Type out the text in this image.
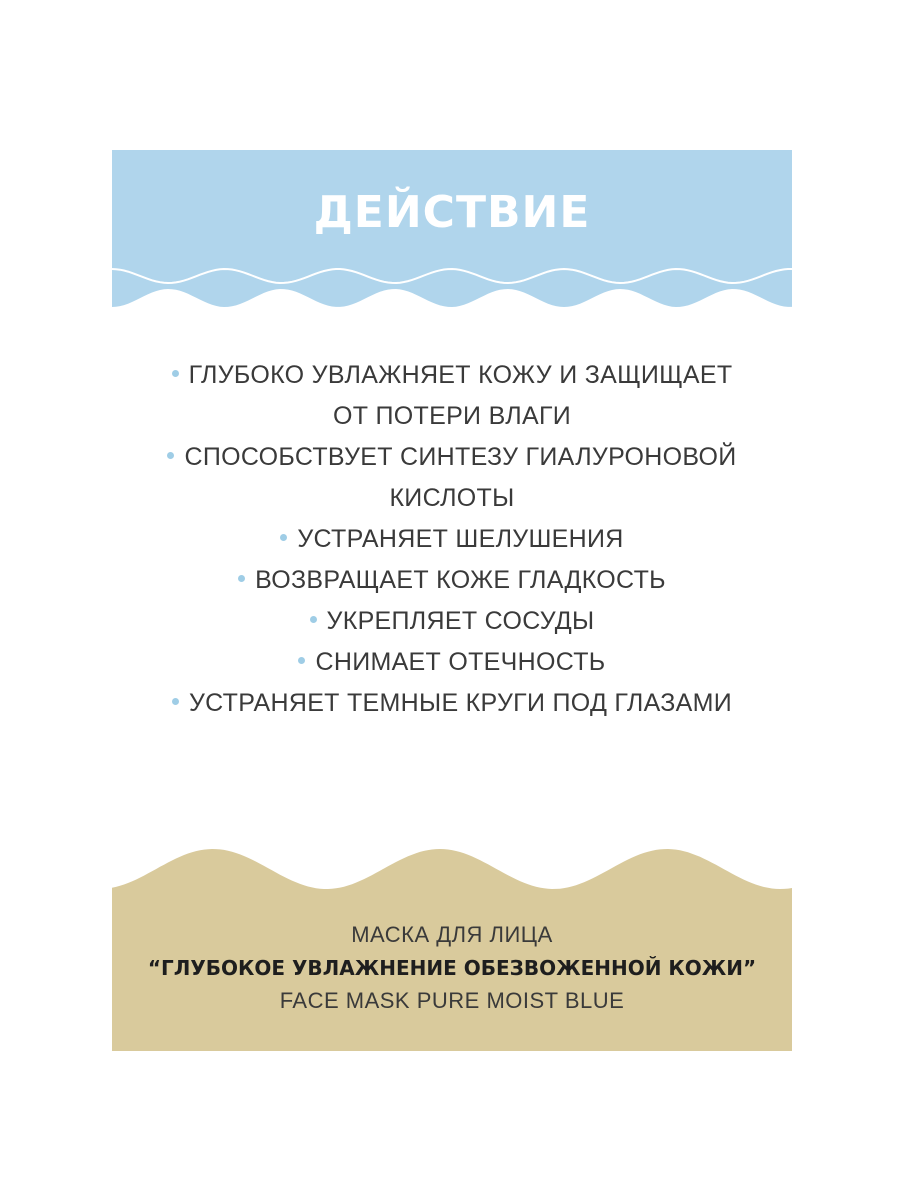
ДЕЙСТВИЕ
ГЛУБОКО УВЛАЖНЯЕТ КОЖУ И ЗАЩИЩАЕТ
ОТ ПОТЕРИ ВЛАГИ
СПОСОБСТВУЕТ СИНТЕЗУ ГИАЛУРОНОВОЙ
КИСЛОТЫ
УСТРАНЯЕТ ШЕЛУШЕНИЯ
ВОЗВРАЩАЕТ КОЖЕ ГЛАДКОСТЬ
УКРЕПЛЯЕТ СОСУДЫ
СНИМАЕТ ОТЕЧНОСТЬ
УСТРАНЯЕТ ТЕМНЫЕ КРУГИ ПОД ГЛАЗАМИ
МАСКА ДЛЯ ЛИЦА
“ГЛУБОКОЕ УВЛАЖНЕНИЕ ОБЕЗВОЖЕННОЙ КОЖИ”
FACE MASK PURE MOIST BLUE
